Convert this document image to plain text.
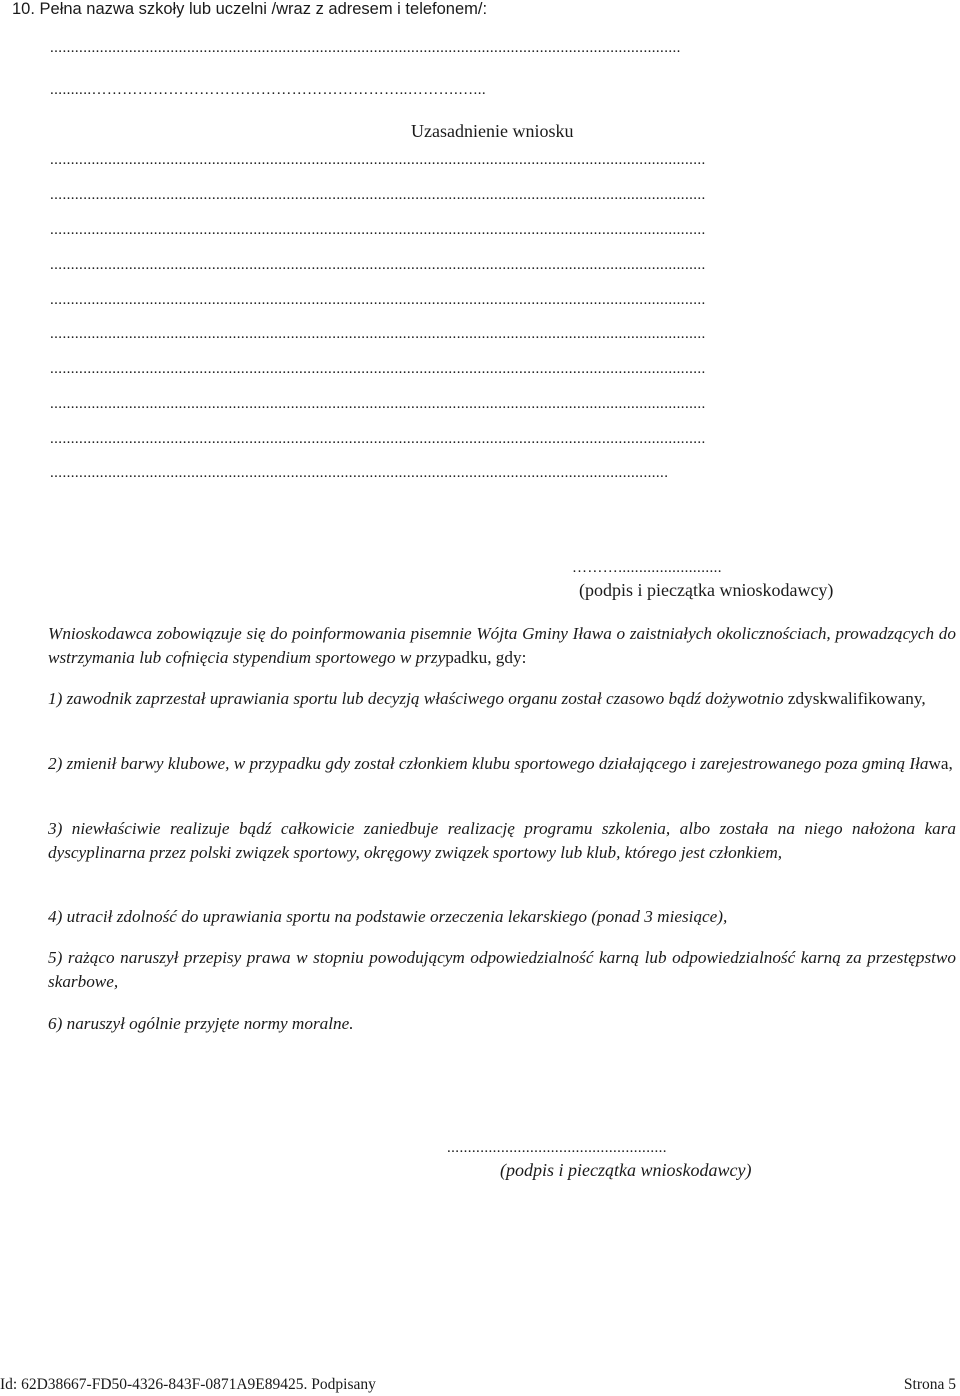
10. Pełna nazwa szkoły lub uczelni /wraz z adresem i telefonem/:
........................................................................................................................................................
..........……………………………………………………..……….…...
Uzasadnienie wniosku
..............................................................................................................................................................
..............................................................................................................................................................
..............................................................................................................................................................
..............................................................................................................................................................
..............................................................................................................................................................
..............................................................................................................................................................
..............................................................................................................................................................
..............................................................................................................................................................
..............................................................................................................................................................
.....................................................................................................................................................
……….........................
(podpis i pieczątka wnioskodawcy)
Wnioskodawca zobowiązuje się do poinformowania pisemnie Wójta Gminy Iława o zaistniałych okolicznościach, prowadzących do wstrzymania lub cofnięcia stypendium sportowego w przypadku, gdy:
1) zawodnik zaprzestał uprawiania sportu lub decyzją właściwego organu został czasowo bądź dożywotnio zdyskwalifikowany,
2) zmienił barwy klubowe, w przypadku gdy został członkiem klubu sportowego działającego i zarejestrowanego poza gminą Iława,
3) niewłaściwie realizuje bądź całkowicie zaniedbuje realizację programu szkolenia, albo została na niego nałożona kara dyscyplinarna przez polski związek sportowy, okręgowy związek sportowy lub klub, którego jest członkiem,
4) utracił zdolność do uprawiania sportu na podstawie orzeczenia lekarskiego (ponad 3 miesiące),
5) rażąco naruszył przepisy prawa w stopniu powodującym odpowiedzialność karną lub odpowiedzialność karną za przestępstwo skarbowe,
6) naruszył ogólnie przyjęte normy moralne.
.....................................................
(podpis i pieczątka wnioskodawcy)
Id: 62D38667-FD50-4326-843F-0871A9E89425. Podpisany	Strona 5
